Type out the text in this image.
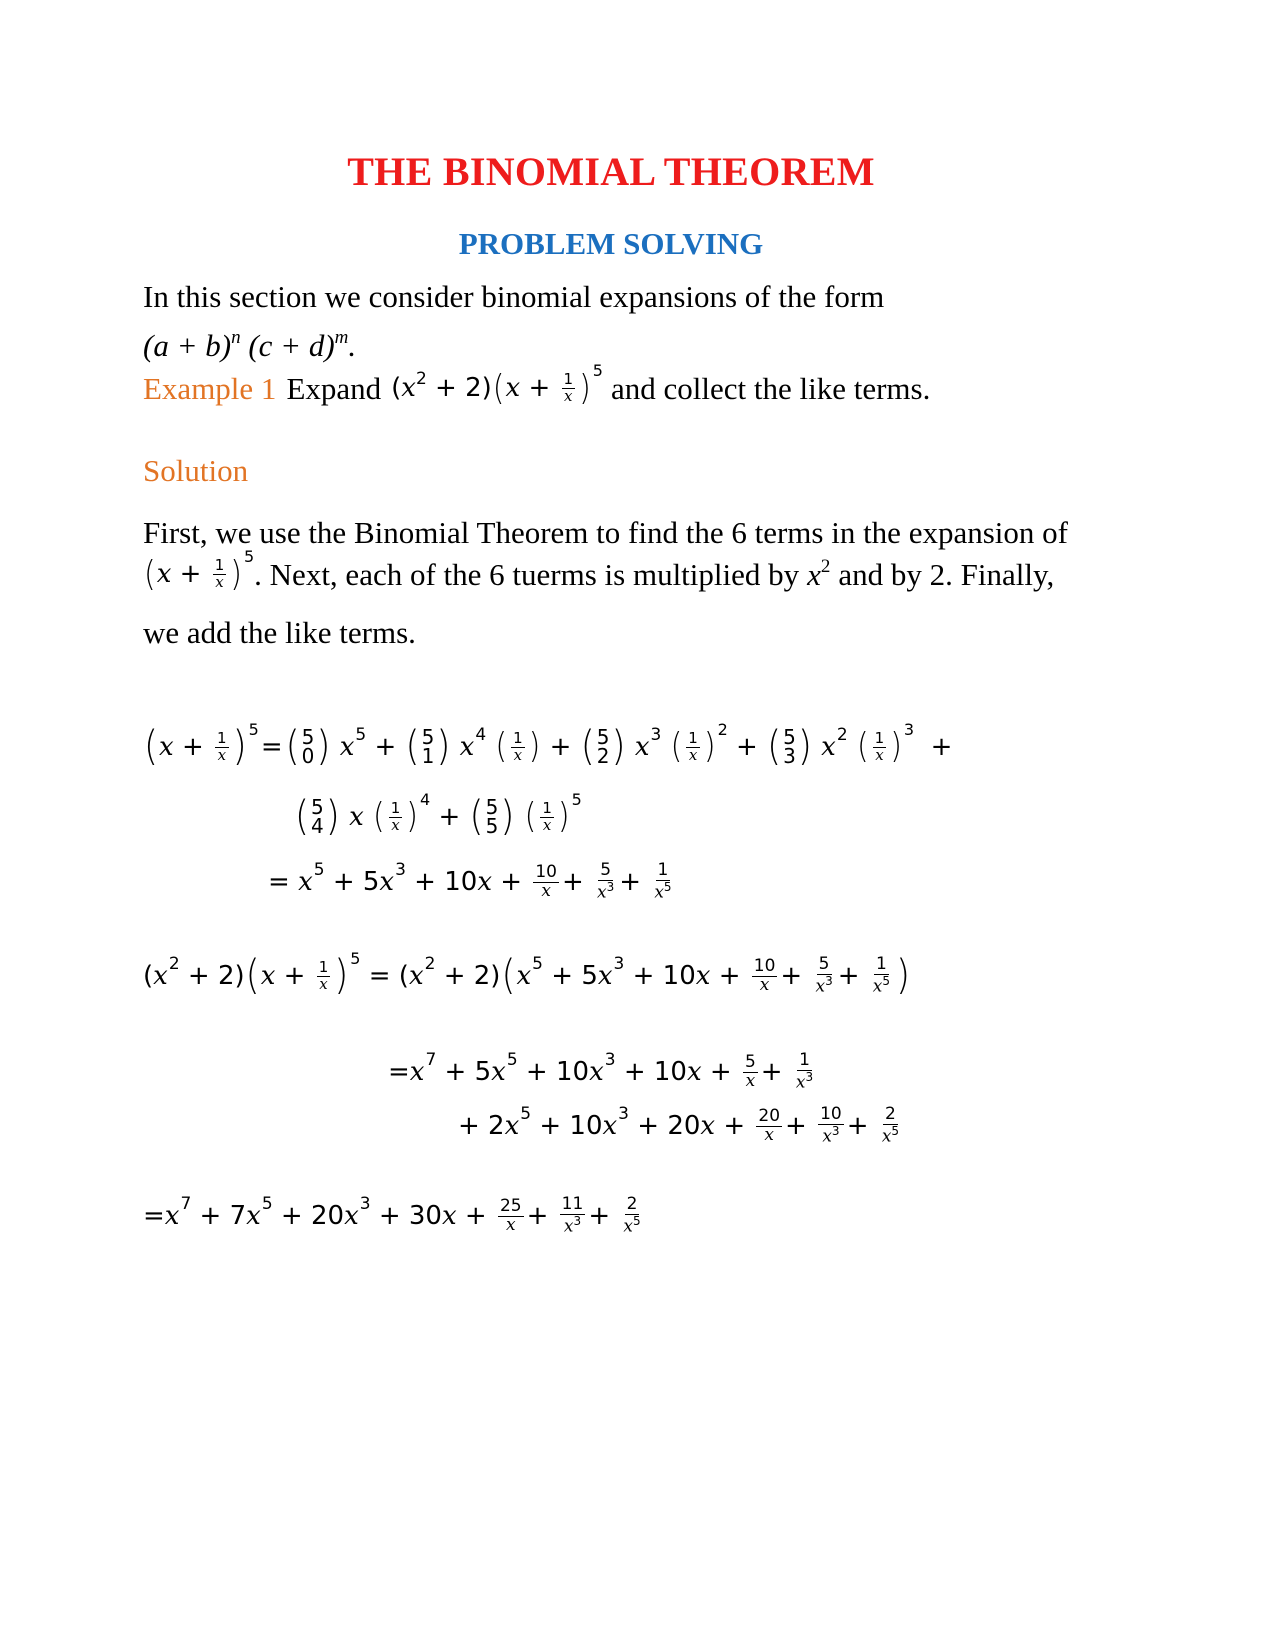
THE BINOMIAL THEOREM
PROBLEM SOLVING
In this section we consider binomial expansions of the form
$(a + b)^n$ $(c + d)^m$.
Example 1 Expand ( x 2 + 2) ( $x + \frac{1}{x}$ ) 5
and collect the like terms.
Solution
First, we use the Binomial Theorem to find the 6 terms in the expansion of
( $x + \frac{1}{x}$ ) 5
. Next, each of the 6 tuerms is multiplied by $x^2$ and by 2. Finally,
we add the like terms.
( $x + \frac{1}{x}$ ) 5
= ( 5
0 )
x 5 + ( 5
1 )
x 4
( $\frac{1}{x}$ ) + ( 5
2 )
x 3
( $\frac{1}{x}$ ) 2
+ ( 5
3 )
x 2
( $\frac{1}{x}$ ) 3
+
( 5
4 )
x
( $\frac{1}{x}$ ) 4
+ ( 5
5 )
( $\frac{1}{x}$ ) 5
= x 5 + 5 x 3 + 10 $x + \frac{10}{x} + \frac{5}{x^3} + \frac{1}{x^5}$
( x 2 + 2) ( $x + \frac{1}{x}$ ) 5
= ( x 2 + 2) ( x 5 + 5 x 3 + 10 $x + \frac{10}{x} + \frac{5}{x^3} + \frac{1}{x^5}$ )
= x 7 + 5 x 5 + 10 x 3 + 10 $x + \frac{5}{x} + \frac{1}{x^3}$
+ 2 x 5 + 10 x 3 + 20 $x + \frac{20}{x} + \frac{10}{x^3} + \frac{2}{x^5}$
= x 7 + 7 x 5 + 20 x 3 + 30 $x + \frac{25}{x} + \frac{11}{x^3} + \frac{2}{x^5}$
